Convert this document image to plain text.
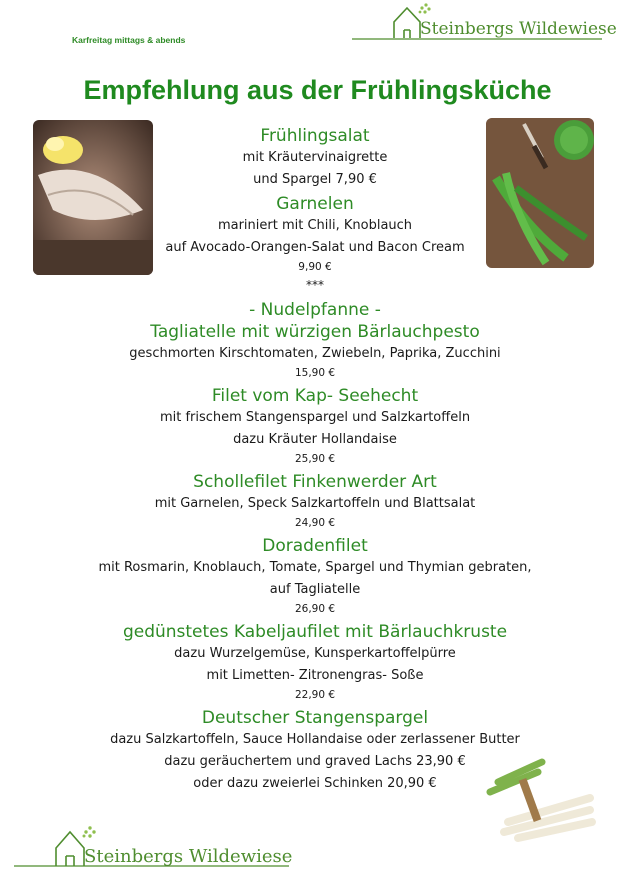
Karfreitag mittags & abends
Steinbergs Wildewiese
Empfehlung aus der Frühlingsküche
Frühlingsalat
mit Kräutervinaigrette
und Spargel 7,90 €
Garnelen
mariniert mit Chili, Knoblauch
auf Avocado-Orangen-Salat und Bacon Cream
9,90 €
***
- Nudelpfanne -
Tagliatelle mit würzigen Bärlauchpesto
geschmorten Kirschtomaten, Zwiebeln, Paprika, Zucchini
15,90 €
Filet vom Kap- Seehecht
mit frischem Stangenspargel und Salzkartoffeln
dazu Kräuter Hollandaise
25,90 €
Schollefilet Finkenwerder Art
mit Garnelen, Speck Salzkartoffeln und Blattsalat
24,90 €
Doradenfilet
mit Rosmarin, Knoblauch, Tomate, Spargel und Thymian gebraten,
auf Tagliatelle
26,90 €
gedünstetes Kabeljaufilet mit Bärlauchkruste
dazu Wurzelgemüse, Kunsperkartoffelpürre
mit Limetten- Zitronengras- Soße
22,90 €
Deutscher Stangenspargel
dazu Salzkartoffeln, Sauce Hollandaise oder zerlassener Butter
dazu geräuchertem und graved Lachs 23,90 €
oder dazu zweierlei Schinken 20,90 €
Steinbergs Wildewiese
